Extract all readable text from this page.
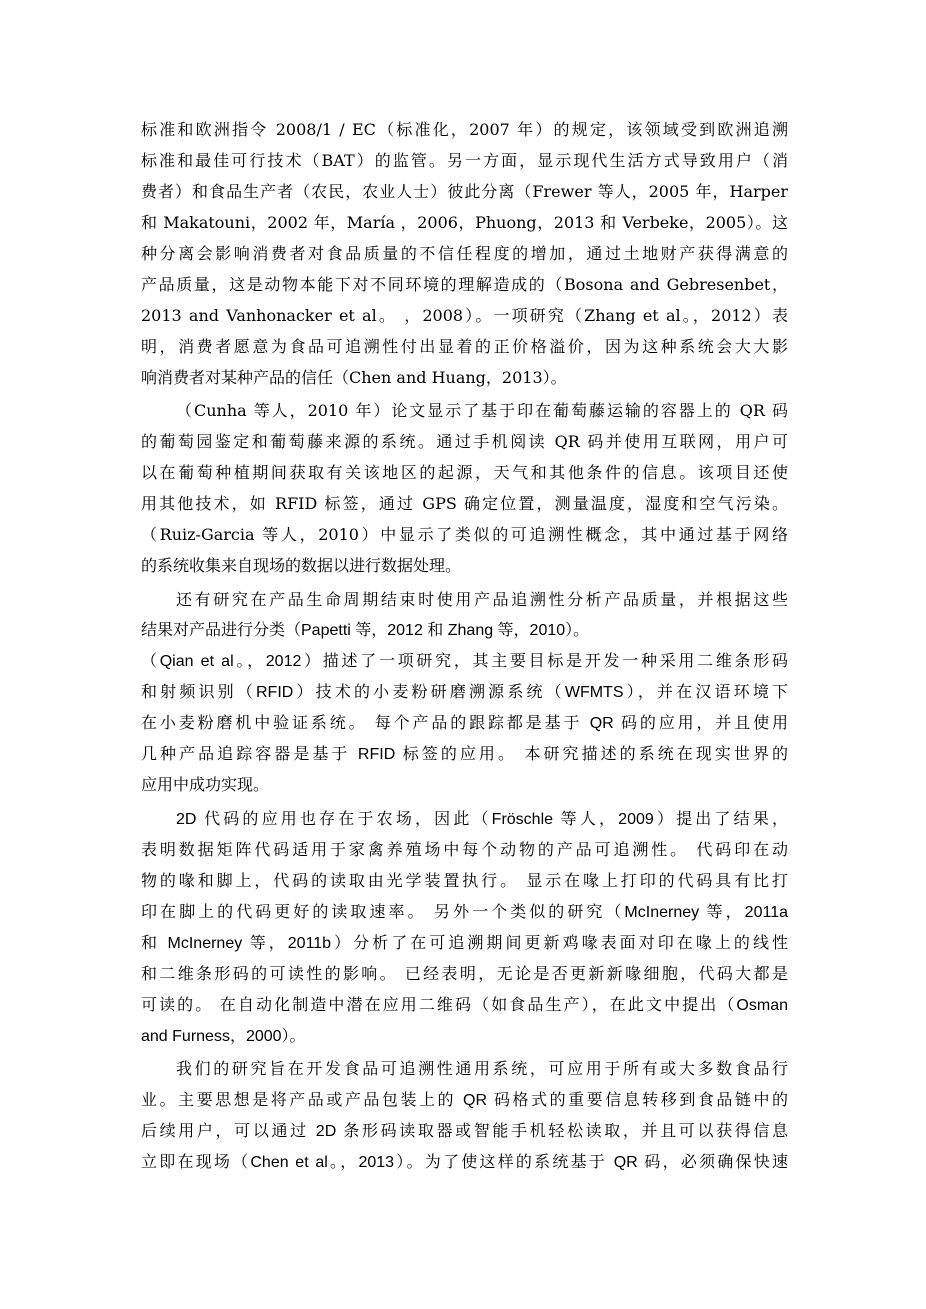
标准和欧洲指令 2008/1 / EC（标准化，2007 年）的规定，该领域受到欧洲追溯
标准和最佳可行技术（BAT）的监管。另一方面，显示现代生活方式导致用户（消
费者）和食品生产者（农民，农业人士）彼此分离（Frewer 等人，2005 年，Harper
和 Makatouni，2002 年，María ，2006，Phuong，2013 和 Verbeke，2005）。这
种分离会影响消费者对食品质量的不信任程度的增加，通过土地财产获得满意的
产品质量，这是动物本能下对不同环境的理解造成的（Bosona and Gebresenbet，
2013 and Vanhonacker et al。 ，2008）。一项研究（Zhang et al。，2012）表
明，消费者愿意为食品可追溯性付出显着的正价格溢价，因为这种系统会大大影
响消费者对某种产品的信任（Chen and Huang，2013）。
（Cunha 等人，2010 年）论文显示了基于印在葡萄藤运输的容器上的 QR 码
的葡萄园鉴定和葡萄藤来源的系统。通过手机阅读 QR 码并使用互联网，用户可
以在葡萄种植期间获取有关该地区的起源，天气和其他条件的信息。该项目还使
用其他技术，如 RFID 标签，通过 GPS 确定位置，测量温度，湿度和空气污染。
（Ruiz-Garcia 等人，2010）中显示了类似的可追溯性概念，其中通过基于网络
的系统收集来自现场的数据以进行数据处理。
还有研究在产品生命周期结束时使用产品追溯性分析产品质量，并根据这些
结果对产品进行分类（Papetti 等，2012 和 Zhang 等，2010）。
（Qian et al。，2012）描述了一项研究，其主要目标是开发一种采用二维条形码
和射频识别（RFID）技术的小麦粉研磨溯源系统（WFMTS），并在汉语环境下
在小麦粉磨机中验证系统。 每个产品的跟踪都是基于 QR 码的应用，并且使用
几种产品追踪容器是基于 RFID 标签的应用。 本研究描述的系统在现实世界的
应用中成功实现。
2D 代码的应用也存在于农场，因此（Fröschle 等人，2009）提出了结果，
表明数据矩阵代码适用于家禽养殖场中每个动物的产品可追溯性。 代码印在动
物的喙和脚上，代码的读取由光学装置执行。 显示在喙上打印的代码具有比打
印在脚上的代码更好的读取速率。 另外一个类似的研究（McInerney 等，2011a
和 McInerney 等，2011b）分析了在可追溯期间更新鸡喙表面对印在喙上的线性
和二维条形码的可读性的影响。 已经表明，无论是否更新新喙细胞，代码大都是
可读的。 在自动化制造中潜在应用二维码（如食品生产），在此文中提出（Osman
and Furness，2000）。
我们的研究旨在开发食品可追溯性通用系统，可应用于所有或大多数食品行
业。主要思想是将产品或产品包装上的 QR 码格式的重要信息转移到食品链中的
后续用户，可以通过 2D 条形码读取器或智能手机轻松读取，并且可以获得信息
立即在现场（Chen et al。，2013）。为了使这样的系统基于 QR 码，必须确保快速
